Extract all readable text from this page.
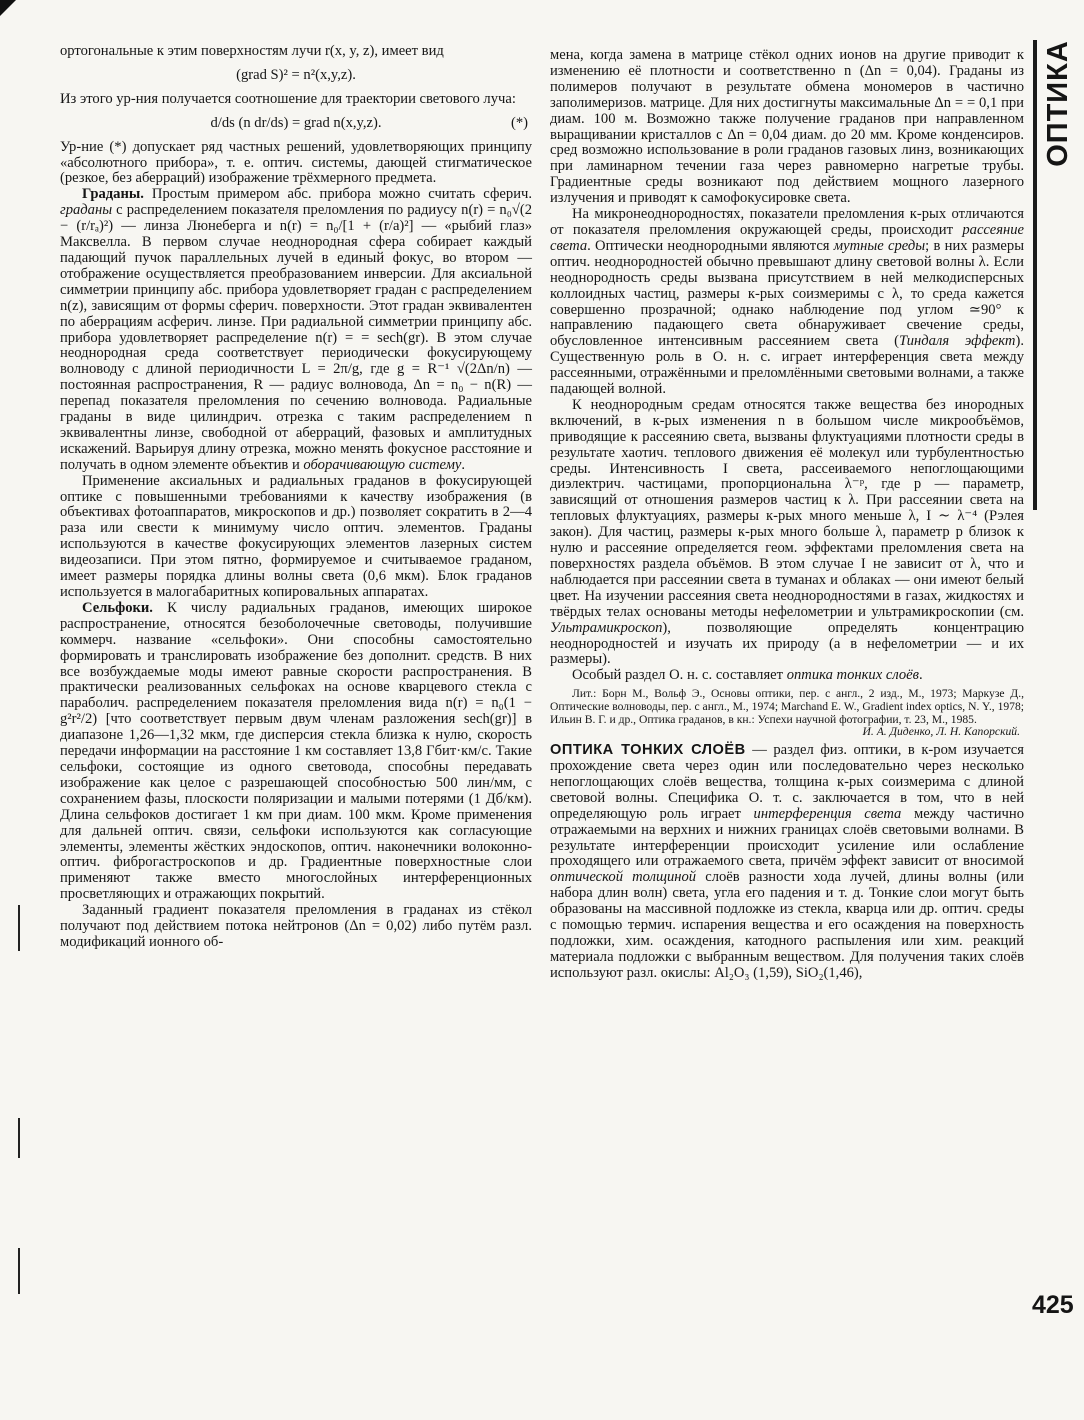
ортогональные к этим поверхностям лучи r(x, y, z), имеет вид

(grad S)² = n²(x,y,z).

Из этого ур-ния получается соотношение для траектории светового луча:

d/ds (n dr/ds) = grad n(x,y,z).	(*)

Ур-ние (*) допускает ряд частных решений, удовлетворяющих принципу «абсолютного прибора», т. е. оптич. системы, дающей стигматическое (резкое, без аберраций) изображение трёхмерного предмета.

Граданы. Простым примером абс. прибора можно считать сферич. граданы с распределением показателя преломления по радиусу n(r) = n₀√(2 − (r/rₐ)²) — линза Люнеберга и n(r) = n₀/[1 + (r/a)²] — «рыбий глаз» Максвелла. В первом случае неоднородная сфера собирает каждый падающий пучок параллельных лучей в единый фокус, во втором — отображение осуществляется преобразованием инверсии. Для аксиальной симметрии принципу абс. прибора удовлетворяет градан с распределением n(z), зависящим от формы сферич. поверхности. Этот градан эквивалентен по аберрациям асферич. линзе. При радиальной симметрии принципу абс. прибора удовлетворяет распределение n(r) = = sech(gr). В этом случае неоднородная среда соответствует периодически фокусирующему волноводу с длиной периодичности L = 2π/g, где g = R⁻¹ √(2Δn/n) — постоянная распространения, R — радиус волновода, Δn = n₀ − n(R) — перепад показателя преломления по сечению волновода. Радиальные граданы в виде цилиндрич. отрезка с таким распределением n эквивалентны линзе, свободной от аберраций, фазовых и амплитудных искажений. Варьируя длину отрезка, можно менять фокусное расстояние и получать в одном элементе объектив и оборачивающую систему.

Применение аксиальных и радиальных граданов в фокусирующей оптике с повышенными требованиями к качеству изображения (в объективах фотоаппаратов, микроскопов и др.) позволяет сократить в 2—4 раза или свести к минимуму число оптич. элементов. Граданы используются в качестве фокусирующих элементов лазерных систем видеозаписи. При этом пятно, формируемое и считываемое граданом, имеет размеры порядка длины волны света (0,6 мкм). Блок граданов используется в малогабаритных копировальных аппаратах.

Сельфоки. К числу радиальных граданов, имеющих широкое распространение, относятся безоболочечные световоды, получившие коммерч. название «сельфоки». Они способны самостоятельно формировать и транслировать изображение без дополнит. средств. В них все возбуждаемые моды имеют равные скорости распространения. В практически реализованных сельфоках на основе кварцевого стекла с параболич. распределением показателя преломления вида n(r) = n₀(1 − g²r²/2) [что соответствует первым двум членам разложения sech(gr)] в диапазоне 1,26—1,32 мкм, где дисперсия стекла близка к нулю, скорость передачи информации на расстояние 1 км составляет 13,8 Гбит·км/с. Такие сельфоки, состоящие из одного световода, способны передавать изображение как целое с разрешающей способностью 500 лин/мм, с сохранением фазы, плоскости поляризации и малыми потерями (1 Дб/км). Длина сельфоков достигает 1 км при диам. 100 мкм. Кроме применения для дальней оптич. связи, сельфоки используются как согласующие элементы, элементы жёстких эндоскопов, оптич. наконечники волоконно-оптич. фиброгастроскопов и др. Градиентные поверхностные слои применяют также вместо многослойных интерференционных просветляющих и отражающих покрытий.

Заданный градиент показателя преломления в граданах из стёкол получают под действием потока нейтронов (Δn = 0,02) либо путём разл. модификаций ионного об-

мена, когда замена в матрице стёкол одних ионов на другие приводит к изменению её плотности и соответственно n (Δn = 0,04). Граданы из полимеров получают в результате обмена мономеров в частично заполимеризов. матрице. Для них достигнуты максимальные Δn = = 0,1 при диам. 100 м. Возможно также получение граданов при направленном выращивании кристаллов с Δn = 0,04 диам. до 20 мм. Кроме конденсиров. сред возможно использование в роли граданов газовых линз, возникающих при ламинарном течении газа через равномерно нагретые трубы. Градиентные среды возникают под действием мощного лазерного излучения и приводят к самофокусировке света.

На микронеоднородностях, показатели преломления к-рых отличаются от показателя преломления окружающей среды, происходит рассеяние света. Оптически неоднородными являются мутные среды; в них размеры оптич. неоднородностей обычно превышают длину световой волны λ. Если неоднородность среды вызвана присутствием в ней мелкодисперсных коллоидных частиц, размеры к-рых соизмеримы с λ, то среда кажется совершенно прозрачной; однако наблюдение под углом ≃90° к направлению падающего света обнаруживает свечение среды, обусловленное интенсивным рассеянием света (Тиндаля эффект). Существенную роль в О. н. с. играет интерференция света между рассеянными, отражёнными и преломлёнными световыми волнами, а также падающей волной.

К неоднородным средам относятся также вещества без инородных включений, в к-рых изменения n в большом числе микрообъёмов, приводящие к рассеянию света, вызваны флуктуациями плотности среды в результате хаотич. теплового движения её молекул или турбулентностью среды. Интенсивность I света, рассеиваемого непоглощающими диэлектрич. частицами, пропорциональна λ⁻ᵖ, где p — параметр, зависящий от отношения размеров частиц к λ. При рассеянии света на тепловых флуктуациях, размеры к-рых много меньше λ, I ∼ λ⁻⁴ (Рэлея закон). Для частиц, размеры к-рых много больше λ, параметр p близок к нулю и рассеяние определяется геом. эффектами преломления света на поверхностях раздела объёмов. В этом случае I не зависит от λ, что и наблюдается при рассеянии света в туманах и облаках — они имеют белый цвет. На изучении рассеяния света неоднородностями в газах, жидкостях и твёрдых телах основаны методы нефелометрии и ультрамикроскопии (см. Ультрамикроскоп), позволяющие определять концентрацию неоднородностей и изучать их природу (а в нефелометрии — и их размеры).

Особый раздел О. н. с. составляет оптика тонких слоёв.

Лит.: Борн М., Вольф Э., Основы оптики, пер. с англ., 2 изд., М., 1973; Маркузе Д., Оптические волноводы, пер. с англ., М., 1974; Marchand E. W., Gradient index optics, N. Y., 1978; Ильин В. Г. и др., Оптика граданов, в кн.: Успехи научной фотографии, т. 23, М., 1985.

И. А. Диденко, Л. Н. Капорский.

ОПТИКА ТОНКИХ СЛОЁВ — раздел физ. оптики, в к-ром изучается прохождение света через один или последовательно через несколько непоглощающих слоёв вещества, толщина к-рых соизмерима с длиной световой волны. Специфика О. т. с. заключается в том, что в ней определяющую роль играет интерференция света между частично отражаемыми на верхних и нижних границах слоёв световыми волнами. В результате интерференции происходит усиление или ослабление проходящего или отражаемого света, причём эффект зависит от вносимой оптической толщиной слоёв разности хода лучей, длины волны (или набора длин волн) света, угла его падения и т. д. Тонкие слои могут быть образованы на массивной подложке из стекла, кварца или др. оптич. среды с помощью термич. испарения вещества и его осаждения на поверхность подложки, хим. осаждения, катодного распыления или хим. реакций материала подложки с выбранным веществом. Для получения таких слоёв используют разл. окислы: Al₂O₃ (1,59), SiO₂(1,46),

ОПТИКА
425
